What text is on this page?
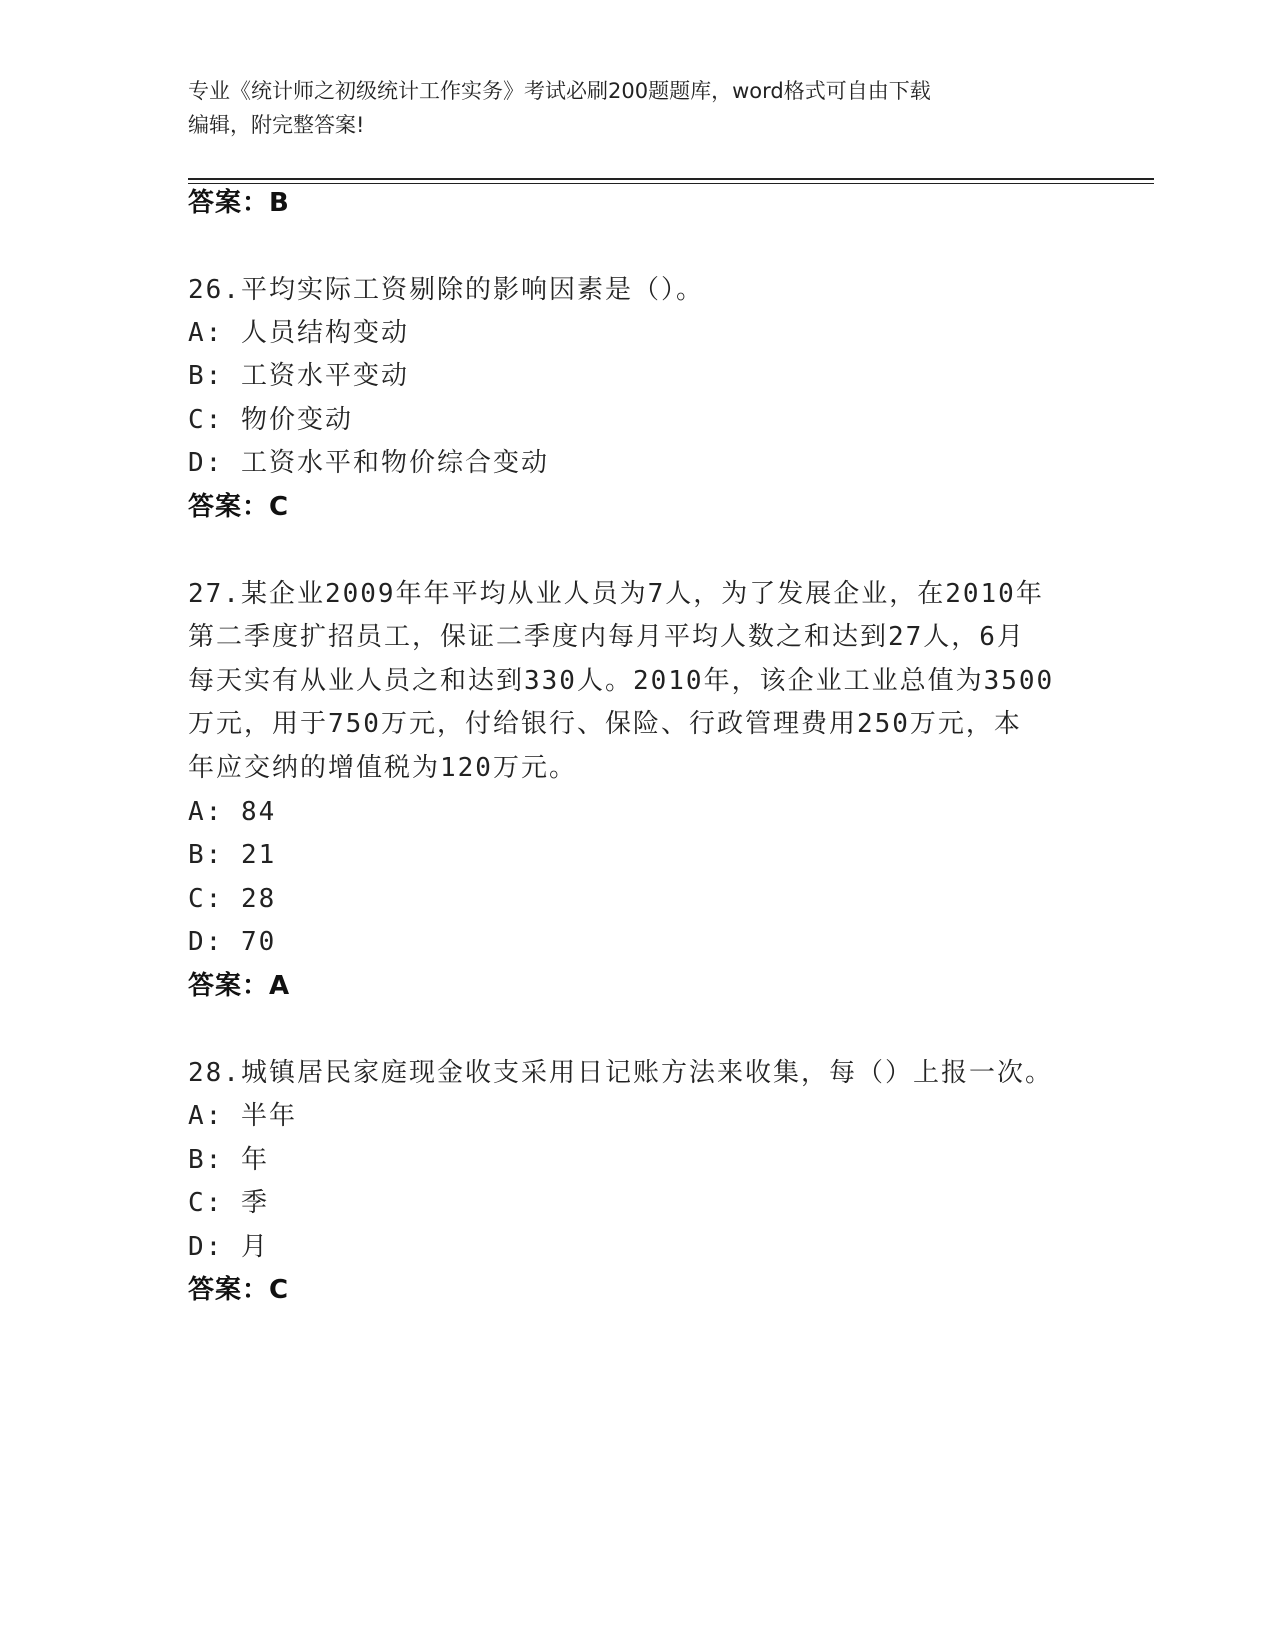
专业《统计师之初级统计工作实务》考试必刷200题题库，word格式可自由下载
编辑，附完整答案!
答案：B
26.平均实际工资剔除的影响因素是（）。
A: 人员结构变动
B: 工资水平变动
C: 物价变动
D: 工资水平和物价综合变动
答案：C
27.某企业2009年年平均从业人员为7人，为了发展企业，在2010年
第二季度扩招员工，保证二季度内每月平均人数之和达到27人，6月
每天实有从业人员之和达到330人。2010年，该企业工业总值为3500
万元，用于750万元，付给银行、保险、行政管理费用250万元，本
年应交纳的增值税为120万元。
A: 84
B: 21
C: 28
D: 70
答案：A
28.城镇居民家庭现金收支采用日记账方法来收集，每（）上报一次。
A: 半年
B: 年
C: 季
D: 月
答案：C
